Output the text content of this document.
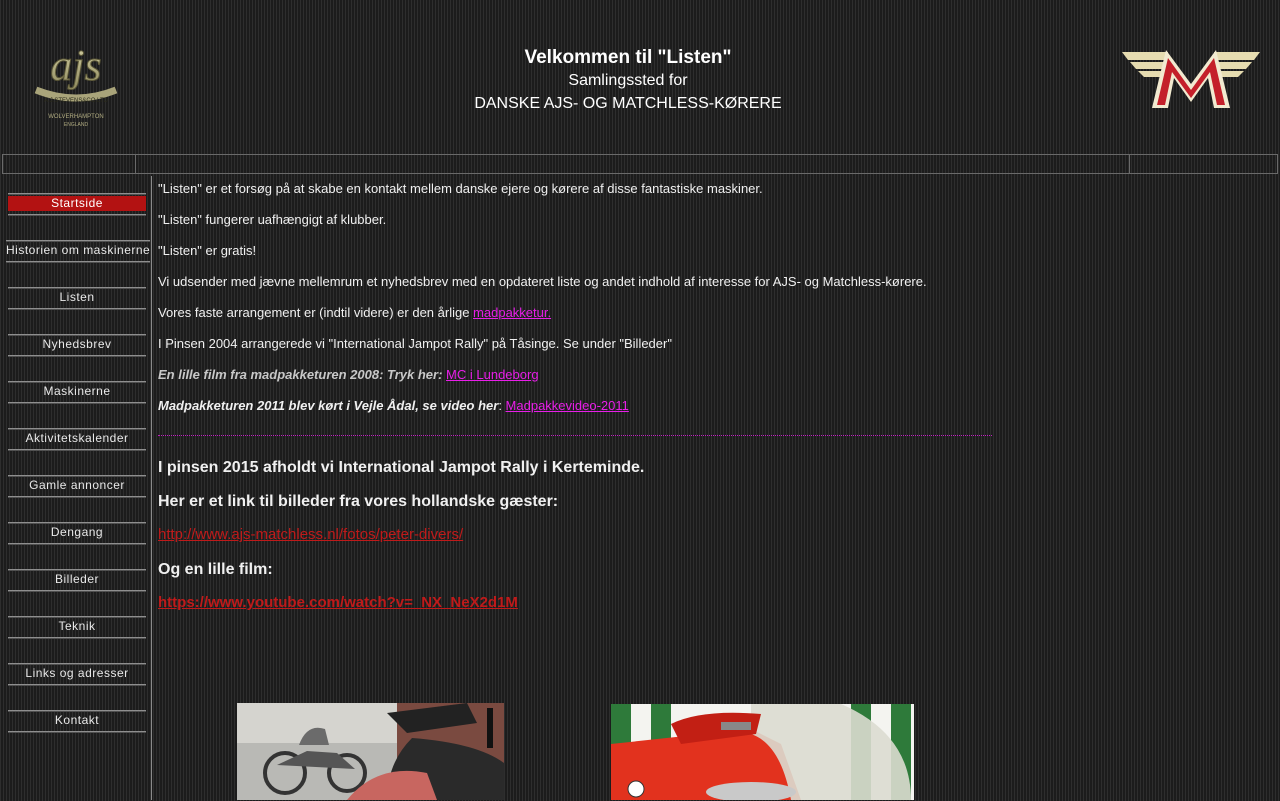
ajs
A.J.STEVENS&CO.LTD
WOLVERHAMPTON
ENGLAND
Velkommen til "Listen"
Samlingssted for
DANSKE AJS- OG MATCHLESS-KØRERE
Startside
Historien om maskinerne
Listen
Nyhedsbrev
Maskinerne
Aktivitetskalender
Gamle annoncer
Dengang
Billeder
Teknik
Links og adresser
Kontakt
"Listen" er et forsøg på at skabe en kontakt mellem danske ejere og kørere af disse fantastiske maskiner.
"Listen" fungerer uafhængigt af klubber.
"Listen" er gratis!
Vi udsender med jævne mellemrum et nyhedsbrev med en opdateret liste og andet indhold af interesse for AJS- og Matchless-kørere.
Vores faste arrangement er (indtil videre) er den årlige madpakketur.
I Pinsen 2004 arrangerede vi "International Jampot Rally" på Tåsinge. Se under "Billeder"
En lille film fra madpakketuren 2008: Tryk her: MC i Lundeborg
Madpakketuren 2011 blev kørt i Vejle Ådal, se video her: Madpakkevideo-2011
I pinsen 2015 afholdt vi International Jampot Rally i Kerteminde.
Her er et link til billeder fra vores hollandske gæster:
http://www.ajs-matchless.nl/fotos/peter-divers/
Og en lille film:
https://www.youtube.com/watch?v=_NX_NeX2d1M
